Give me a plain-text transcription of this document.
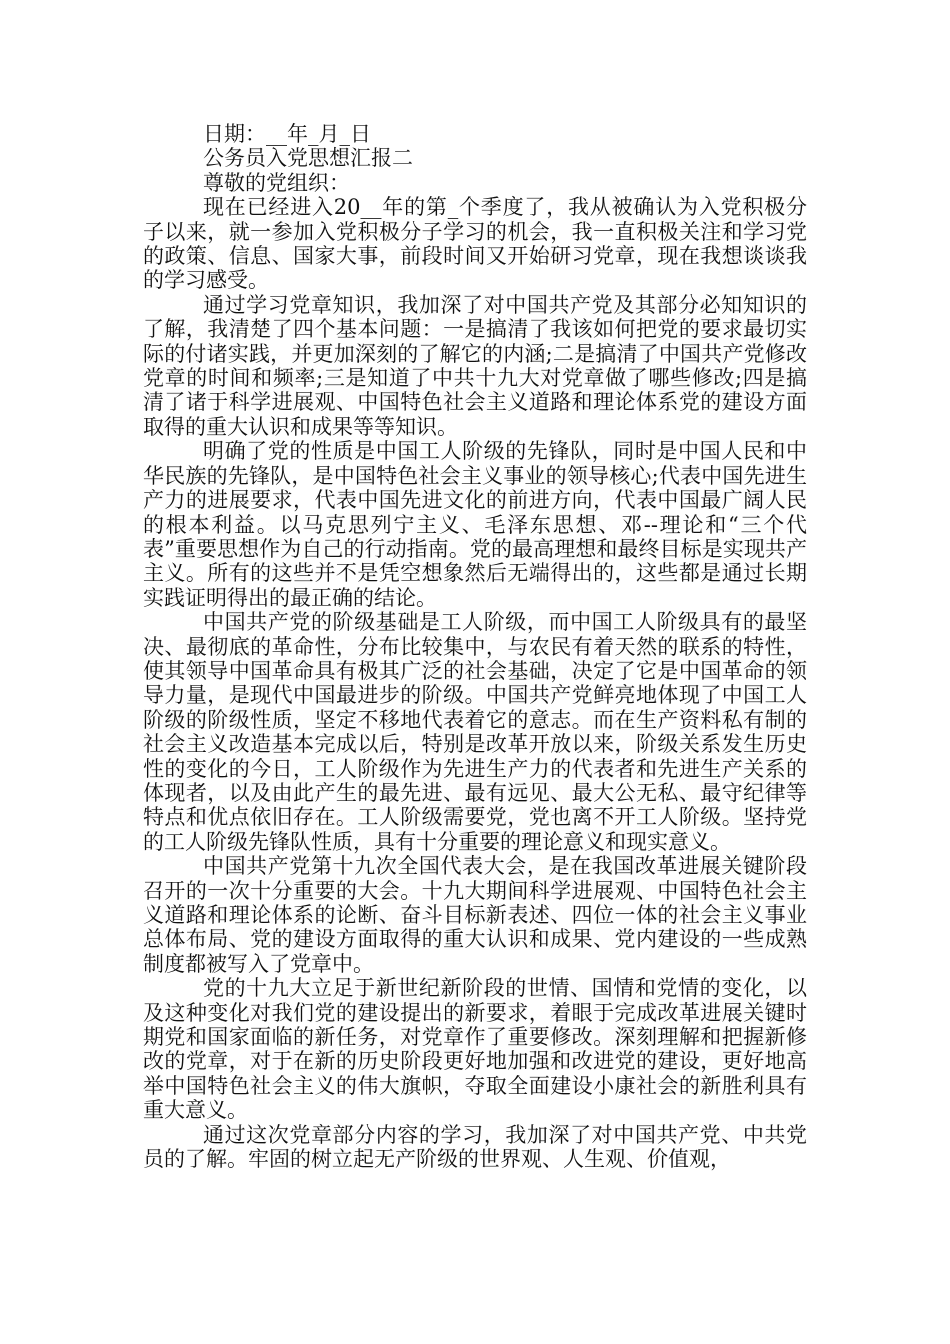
日期：__年_月_日

公务员入党思想汇报二

尊敬的党组织：

现在已经进入20__年的第_个季度了，我从被确认为入党积极分子以来，就一参加入党积极分子学习的机会，我一直积极关注和学习党的政策、信息、国家大事，前段时间又开始研习党章，现在我想谈谈我的学习感受。

通过学习党章知识，我加深了对中国共产党及其部分必知知识的了解，我清楚了四个基本问题：一是搞清了我该如何把党的要求最切实际的付诸实践，并更加深刻的了解它的内涵;二是搞清了中国共产党修改党章的时间和频率;三是知道了中共十九大对党章做了哪些修改;四是搞清了诸于科学进展观、中国特色社会主义道路和理论体系党的建设方面取得的重大认识和成果等等知识。

明确了党的性质是中国工人阶级的先锋队，同时是中国人民和中华民族的先锋队，是中国特色社会主义事业的领导核心;代表中国先进生产力的进展要求，代表中国先进文化的前进方向，代表中国最广阔人民的根本利益。以马克思列宁主义、毛泽东思想、邓--理论和“三个代表”重要思想作为自己的行动指南。党的最高理想和最终目标是实现共产主义。所有的这些并不是凭空想象然后无端得出的，这些都是通过长期实践证明得出的最正确的结论。

中国共产党的阶级基础是工人阶级，而中国工人阶级具有的最坚决、最彻底的革命性，分布比较集中，与农民有着天然的联系的特性，使其领导中国革命具有极其广泛的社会基础，决定了它是中国革命的领导力量，是现代中国最进步的阶级。中国共产党鲜亮地体现了中国工人阶级的阶级性质，坚定不移地代表着它的意志。而在生产资料私有制的社会主义改造基本完成以后，特别是改革开放以来，阶级关系发生历史性的变化的今日，工人阶级作为先进生产力的代表者和先进生产关系的体现者，以及由此产生的最先进、最有远见、最大公无私、最守纪律等特点和优点依旧存在。工人阶级需要党，党也离不开工人阶级。坚持党的工人阶级先锋队性质，具有十分重要的理论意义和现实意义。

中国共产党第十九次全国代表大会，是在我国改革进展关键阶段召开的一次十分重要的大会。十九大期间科学进展观、中国特色社会主义道路和理论体系的论断、奋斗目标新表述、四位一体的社会主义事业总体布局、党的建设方面取得的重大认识和成果、党内建设的一些成熟制度都被写入了党章中。

党的十九大立足于新世纪新阶段的世情、国情和党情的变化，以及这种变化对我们党的建设提出的新要求，着眼于完成改革进展关键时期党和国家面临的新任务，对党章作了重要修改。深刻理解和把握新修改的党章，对于在新的历史阶段更好地加强和改进党的建设，更好地高举中国特色社会主义的伟大旗帜，夺取全面建设小康社会的新胜利具有重大意义。

通过这次党章部分内容的学习，我加深了对中国共产党、中共党员的了解。牢固的树立起无产阶级的世界观、人生观、价值观，
